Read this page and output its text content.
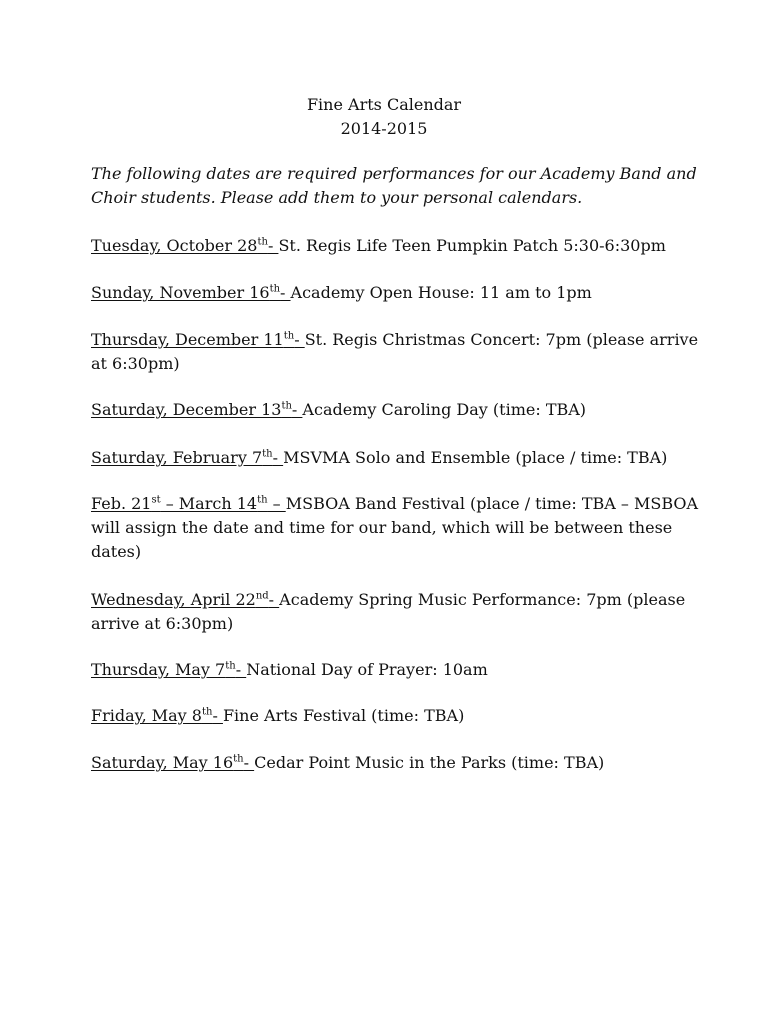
Fine Arts Calendar
2014-2015
The following dates are required performances for our Academy Band and Choir students. Please add them to your personal calendars.
Tuesday, October 28th- St. Regis Life Teen Pumpkin Patch 5:30-6:30pm
Sunday, November 16th- Academy Open House: 11 am to 1pm
Thursday, December 11th- St. Regis Christmas Concert: 7pm (please arrive at 6:30pm)
Saturday, December 13th- Academy Caroling Day (time: TBA)
Saturday, February 7th- MSVMA Solo and Ensemble (place / time: TBA)
Feb. 21st – March 14th – MSBOA Band Festival (place / time: TBA – MSBOA will assign the date and time for our band, which will be between these dates)
Wednesday, April 22nd- Academy Spring Music Performance: 7pm (please arrive at 6:30pm)
Thursday, May 7th- National Day of Prayer: 10am
Friday, May 8th- Fine Arts Festival (time: TBA)
Saturday, May 16th- Cedar Point Music in the Parks (time: TBA)
